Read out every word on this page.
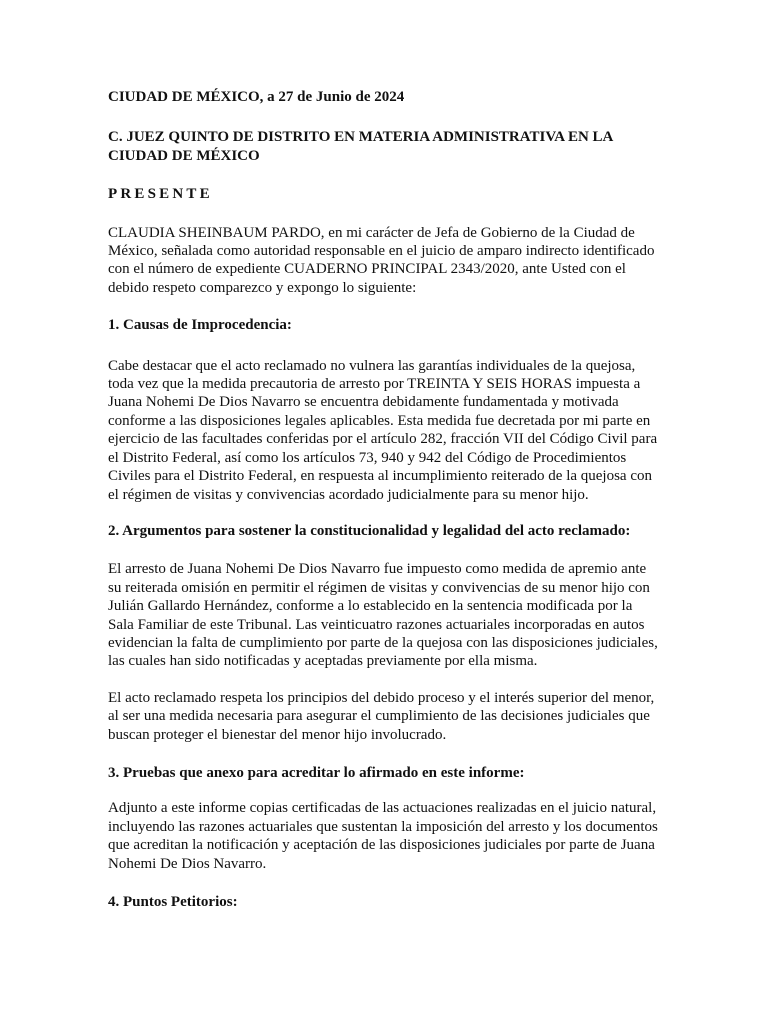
CIUDAD DE MÉXICO, a 27 de Junio de 2024

C. JUEZ QUINTO DE DISTRITO EN MATERIA ADMINISTRATIVA EN LA
CIUDAD DE MÉXICO

PRESENTE

CLAUDIA SHEINBAUM PARDO, en mi carácter de Jefa de Gobierno de la Ciudad de
México, señalada como autoridad responsable en el juicio de amparo indirecto identificado
con el número de expediente CUADERNO PRINCIPAL 2343/2020, ante Usted con el
debido respeto comparezco y expongo lo siguiente:

1. Causas de Improcedencia:

Cabe destacar que el acto reclamado no vulnera las garantías individuales de la quejosa,
toda vez que la medida precautoria de arresto por TREINTA Y SEIS HORAS impuesta a
Juana Nohemi De Dios Navarro se encuentra debidamente fundamentada y motivada
conforme a las disposiciones legales aplicables. Esta medida fue decretada por mi parte en
ejercicio de las facultades conferidas por el artículo 282, fracción VII del Código Civil para
el Distrito Federal, así como los artículos 73, 940 y 942 del Código de Procedimientos
Civiles para el Distrito Federal, en respuesta al incumplimiento reiterado de la quejosa con
el régimen de visitas y convivencias acordado judicialmente para su menor hijo.

2. Argumentos para sostener la constitucionalidad y legalidad del acto reclamado:

El arresto de Juana Nohemi De Dios Navarro fue impuesto como medida de apremio ante
su reiterada omisión en permitir el régimen de visitas y convivencias de su menor hijo con
Julián Gallardo Hernández, conforme a lo establecido en la sentencia modificada por la
Sala Familiar de este Tribunal. Las veinticuatro razones actuariales incorporadas en autos
evidencian la falta de cumplimiento por parte de la quejosa con las disposiciones judiciales,
las cuales han sido notificadas y aceptadas previamente por ella misma.

El acto reclamado respeta los principios del debido proceso y el interés superior del menor,
al ser una medida necesaria para asegurar el cumplimiento de las decisiones judiciales que
buscan proteger el bienestar del menor hijo involucrado.

3. Pruebas que anexo para acreditar lo afirmado en este informe:

Adjunto a este informe copias certificadas de las actuaciones realizadas en el juicio natural,
incluyendo las razones actuariales que sustentan la imposición del arresto y los documentos
que acreditan la notificación y aceptación de las disposiciones judiciales por parte de Juana
Nohemi De Dios Navarro.

4. Puntos Petitorios:
